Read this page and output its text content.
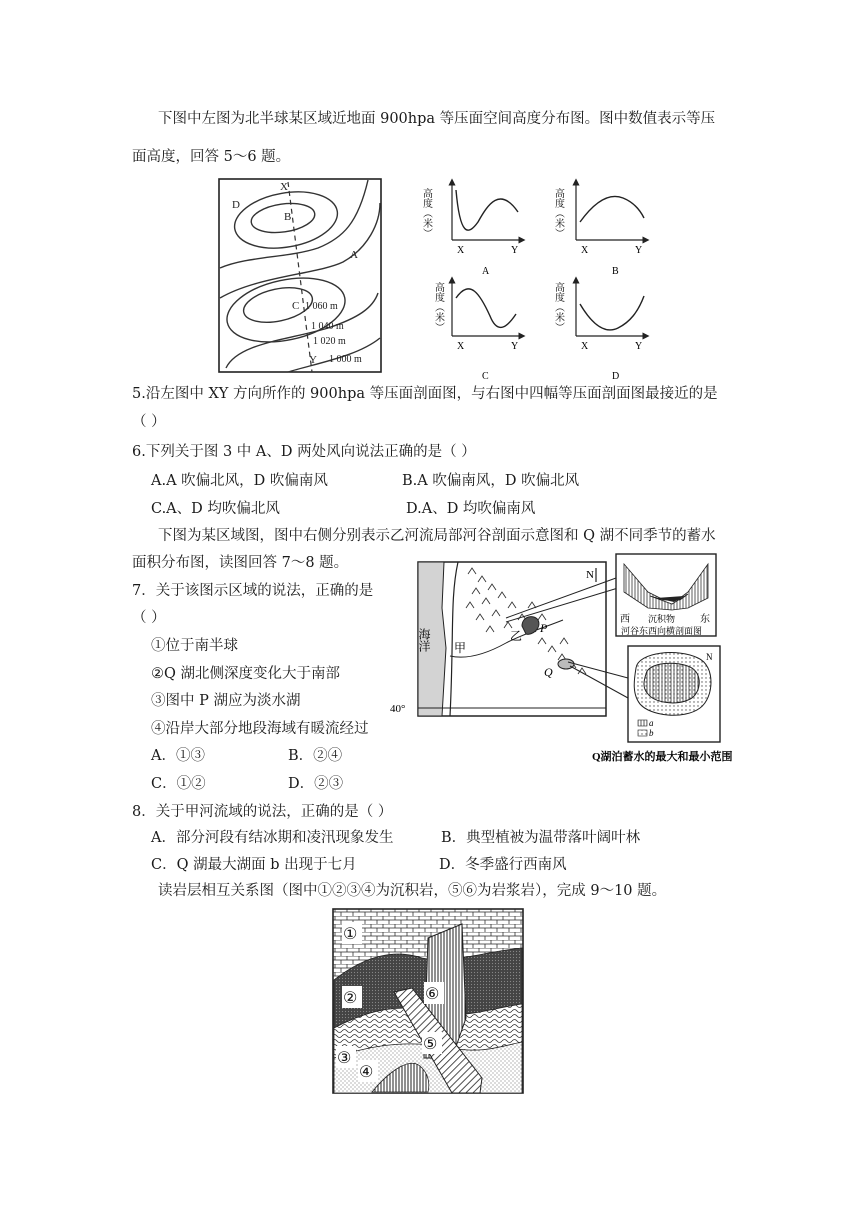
下图中左图为北半球某区域近地面 900hpa 等压面空间高度分布图。图中数值表示等压
面高度，回答 5～6 题。
X
D
B
A
C 1 060 m
1 040 m
1 020 m
Y 1 000 m
高度（米）
X	Y
A
高度（米）
X	Y
B
高度（米）
X	Y
C
高度（米）
X	Y
D
5.沿左图中 XY 方向所作的 900hpa 等压面剖面图，与右图中四幅等压面剖面图最接近的是
（ ）
6.下列关于图 3 中 A、D 两处风向说法正确的是（ ）
A.A 吹偏北风，D 吹偏南风	B.A 吹偏南风，D 吹偏北风
C.A、D 均吹偏北风	D.A、D 均吹偏南风
下图为某区域图，图中右侧分别表示乙河流局部河谷剖面示意图和 Q 湖不同季节的蓄水
面积分布图，读图回答 7～8 题。
7．关于该图示区域的说法，正确的是
（ ）
①位于南半球
②Q 湖北侧深度变化大于南部
③图中 P 湖应为淡水湖
④沿岸大部分地段海域有暖流经过
A．①③	B．②④
C．①②	D．②③
海洋 甲
P
乙
Q
N
40°
西	东
沉积物
河谷东西向横剖面图
N
a
b
Q湖泊蓄水的最大和最小范围
8．关于甲河流域的说法，正确的是（ ）
A．部分河段有结冰期和凌汛现象发生	B．典型植被为温带落叶阔叶林
C．Q 湖最大湖面 b 出现于七月	D．冬季盛行西南风
读岩层相互关系图（图中①②③④为沉积岩，⑤⑥为岩浆岩），完成 9～10 题。
①
②
③
④
⑤
⑥
